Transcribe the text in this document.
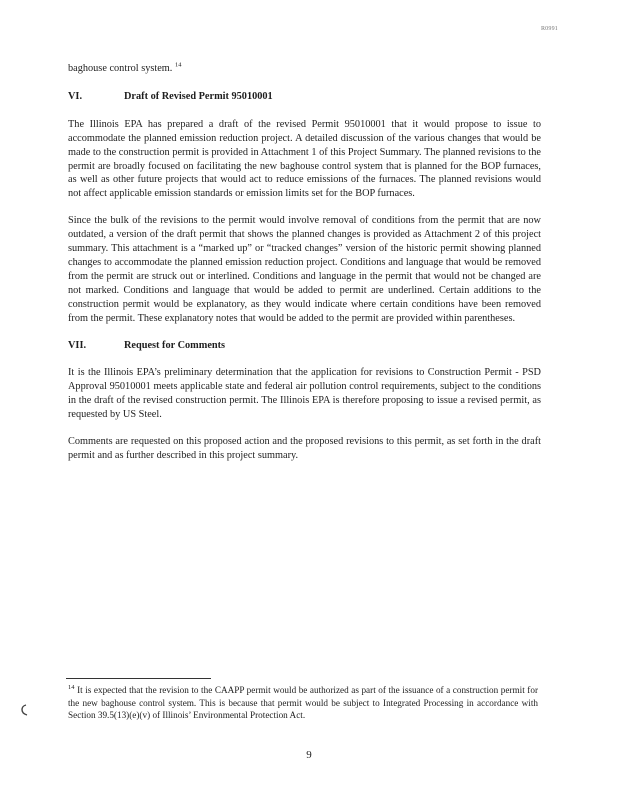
R0991

baghouse control system. $^{14}$

VI.	Draft of Revised Permit 95010001

The Illinois EPA has prepared a draft of the revised Permit 95010001 that it would propose to issue to accommodate the planned emission reduction project. A detailed discussion of the various changes that would be made to the construction permit is provided in Attachment 1 of this Project Summary. The planned revisions to the permit are broadly focused on facilitating the new baghouse control system that is planned for the BOP furnaces, as well as other future projects that would act to reduce emissions of the furnaces. The planned revisions would not affect applicable emission standards or emission limits set for the BOP furnaces.

Since the bulk of the revisions to the permit would involve removal of conditions from the permit that are now outdated, a version of the draft permit that shows the planned changes is provided as Attachment 2 of this project summary. This attachment is a “marked up” or “tracked changes” version of the historic permit showing planned changes to accommodate the planned emission reduction project. Conditions and language that would be removed from the permit are struck out or interlined. Conditions and language in the permit that would not be changed are not marked. Conditions and language that would be added to permit are underlined. Certain additions to the construction permit would be explanatory, as they would indicate where certain conditions have been removed from the permit. These explanatory notes that would be added to the permit are provided within parentheses.

VII.	Request for Comments

It is the Illinois EPA’s preliminary determination that the application for revisions to Construction Permit - PSD Approval 95010001 meets applicable state and federal air pollution control requirements, subject to the conditions in the draft of the revised construction permit. The Illinois EPA is therefore proposing to issue a revised permit, as requested by US Steel.

Comments are requested on this proposed action and the proposed revisions to this permit, as set forth in the draft permit and as further described in this project summary.

$^{14}$ It is expected that the revision to the CAAPP permit would be authorized as part of the issuance of a construction permit for the new baghouse control system. This is because that permit would be subject to Integrated Processing in accordance with Section 39.5(13)(e)(v) of Illinois’ Environmental Protection Act.
9
